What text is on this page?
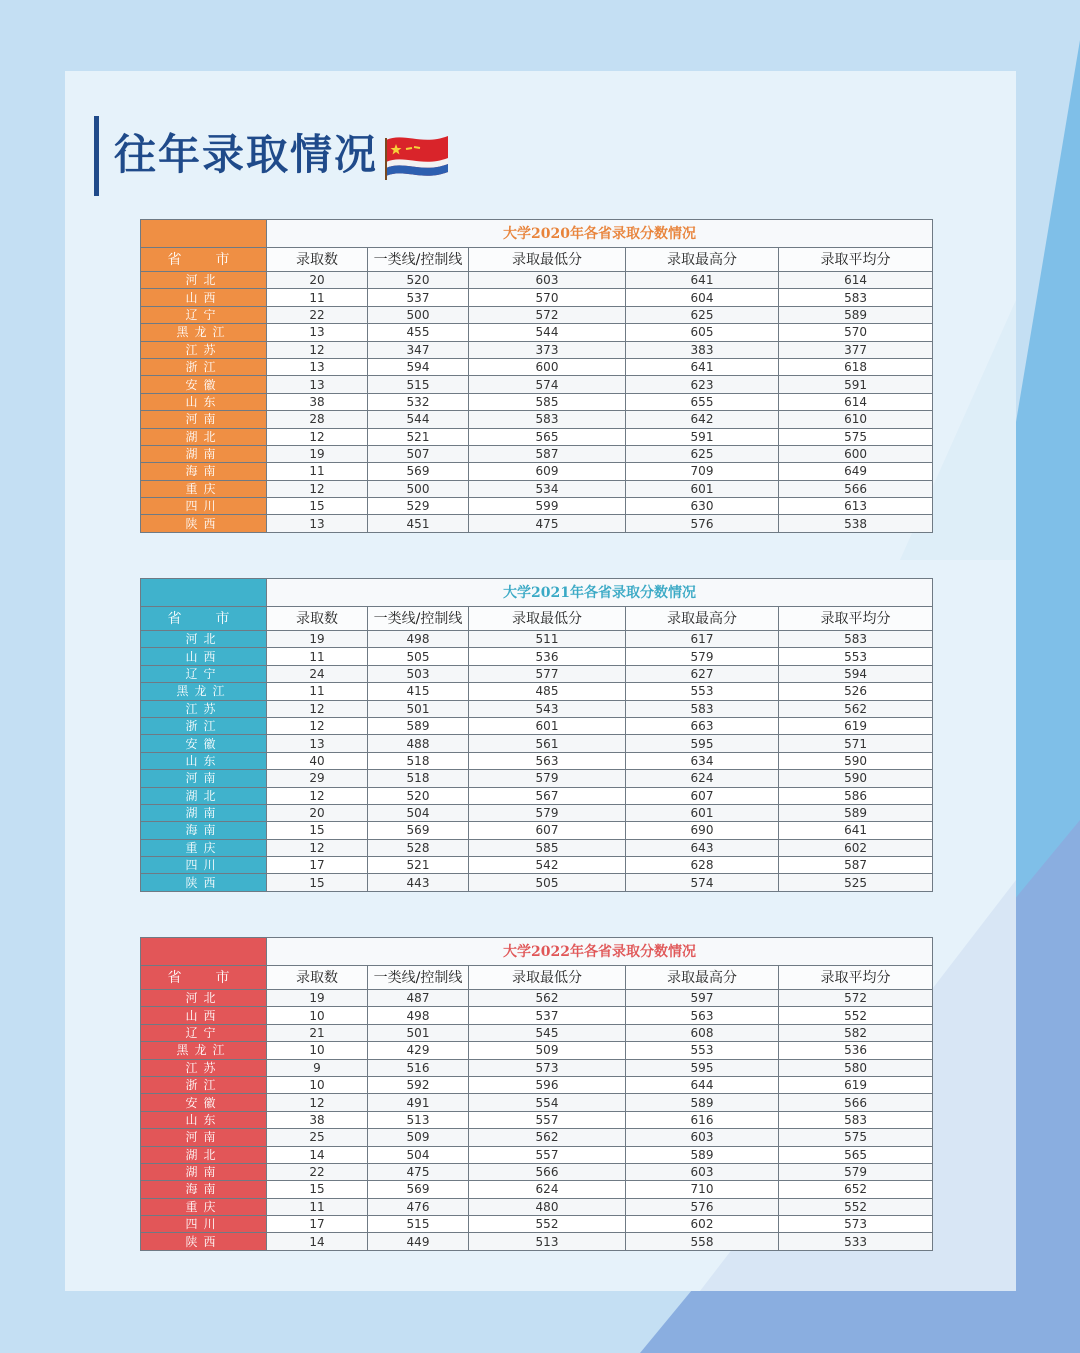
往年录取情况
	大学2020年各省录取分数情况				
省　市	录取数	一类线/控制线	录取最低分	录取最高分	录取平均分
河北	20	520	603	641	614
山西	11	537	570	604	583
辽宁	22	500	572	625	589
黑龙江	13	455	544	605	570
江苏	12	347	373	383	377
浙江	13	594	600	641	618
安徽	13	515	574	623	591
山东	38	532	585	655	614
河南	28	544	583	642	610
湖北	12	521	565	591	575
湖南	19	507	587	625	600
海南	11	569	609	709	649
重庆	12	500	534	601	566
四川	15	529	599	630	613
陕西	13	451	475	576	538
	大学2021年各省录取分数情况				
省　市	录取数	一类线/控制线	录取最低分	录取最高分	录取平均分
河北	19	498	511	617	583
山西	11	505	536	579	553
辽宁	24	503	577	627	594
黑龙江	11	415	485	553	526
江苏	12	501	543	583	562
浙江	12	589	601	663	619
安徽	13	488	561	595	571
山东	40	518	563	634	590
河南	29	518	579	624	590
湖北	12	520	567	607	586
湖南	20	504	579	601	589
海南	15	569	607	690	641
重庆	12	528	585	643	602
四川	17	521	542	628	587
陕西	15	443	505	574	525
	大学2022年各省录取分数情况				
省　市	录取数	一类线/控制线	录取最低分	录取最高分	录取平均分
河北	19	487	562	597	572
山西	10	498	537	563	552
辽宁	21	501	545	608	582
黑龙江	10	429	509	553	536
江苏	9	516	573	595	580
浙江	10	592	596	644	619
安徽	12	491	554	589	566
山东	38	513	557	616	583
河南	25	509	562	603	575
湖北	14	504	557	589	565
湖南	22	475	566	603	579
海南	15	569	624	710	652
重庆	11	476	480	576	552
四川	17	515	552	602	573
陕西	14	449	513	558	533
